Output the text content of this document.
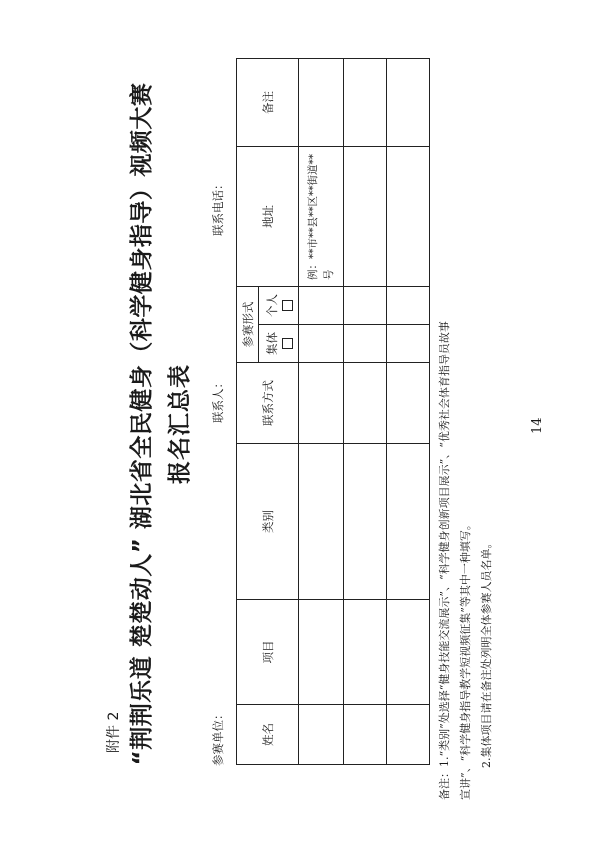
附件 2 “荆荆乐道 楚楚动人” 湖北省全民健身（科学健身指导）视频大赛 报名汇总表
参赛单位：
联系人：
联系电话：
姓名	项目	类别	联系方式	参赛形式		地址	备注

				集体	个人		

						例：**市**县**区**街道**号	

备注：1.“类别”处选择“健身技能交流展示”、“科学健身创新项目展示”、“优秀社会体育指导员故事 宣讲”、“科学健身指导教学短视频征集”等其中一种填写。 2.集体项目请在备注处列明全体参赛人员名单。
14
